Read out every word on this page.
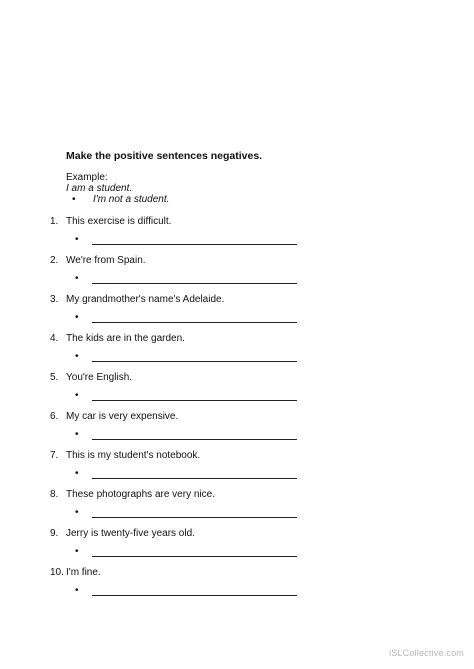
Make the positive sentences negatives.
Example:
I am a student.
• I'm not a student.
1. This exercise is difficult.
•
2. We're from Spain.
•
3. My grandmother's name's Adelaide.
•
4. The kids are in the garden.
•
5. You're English.
•
6. My car is very expensive.
•
7. This is my student's notebook.
•
8. These photographs are very nice.
•
9. Jerry is twenty-five years old.
•
10. I'm fine.
•
iSLCollective.com
